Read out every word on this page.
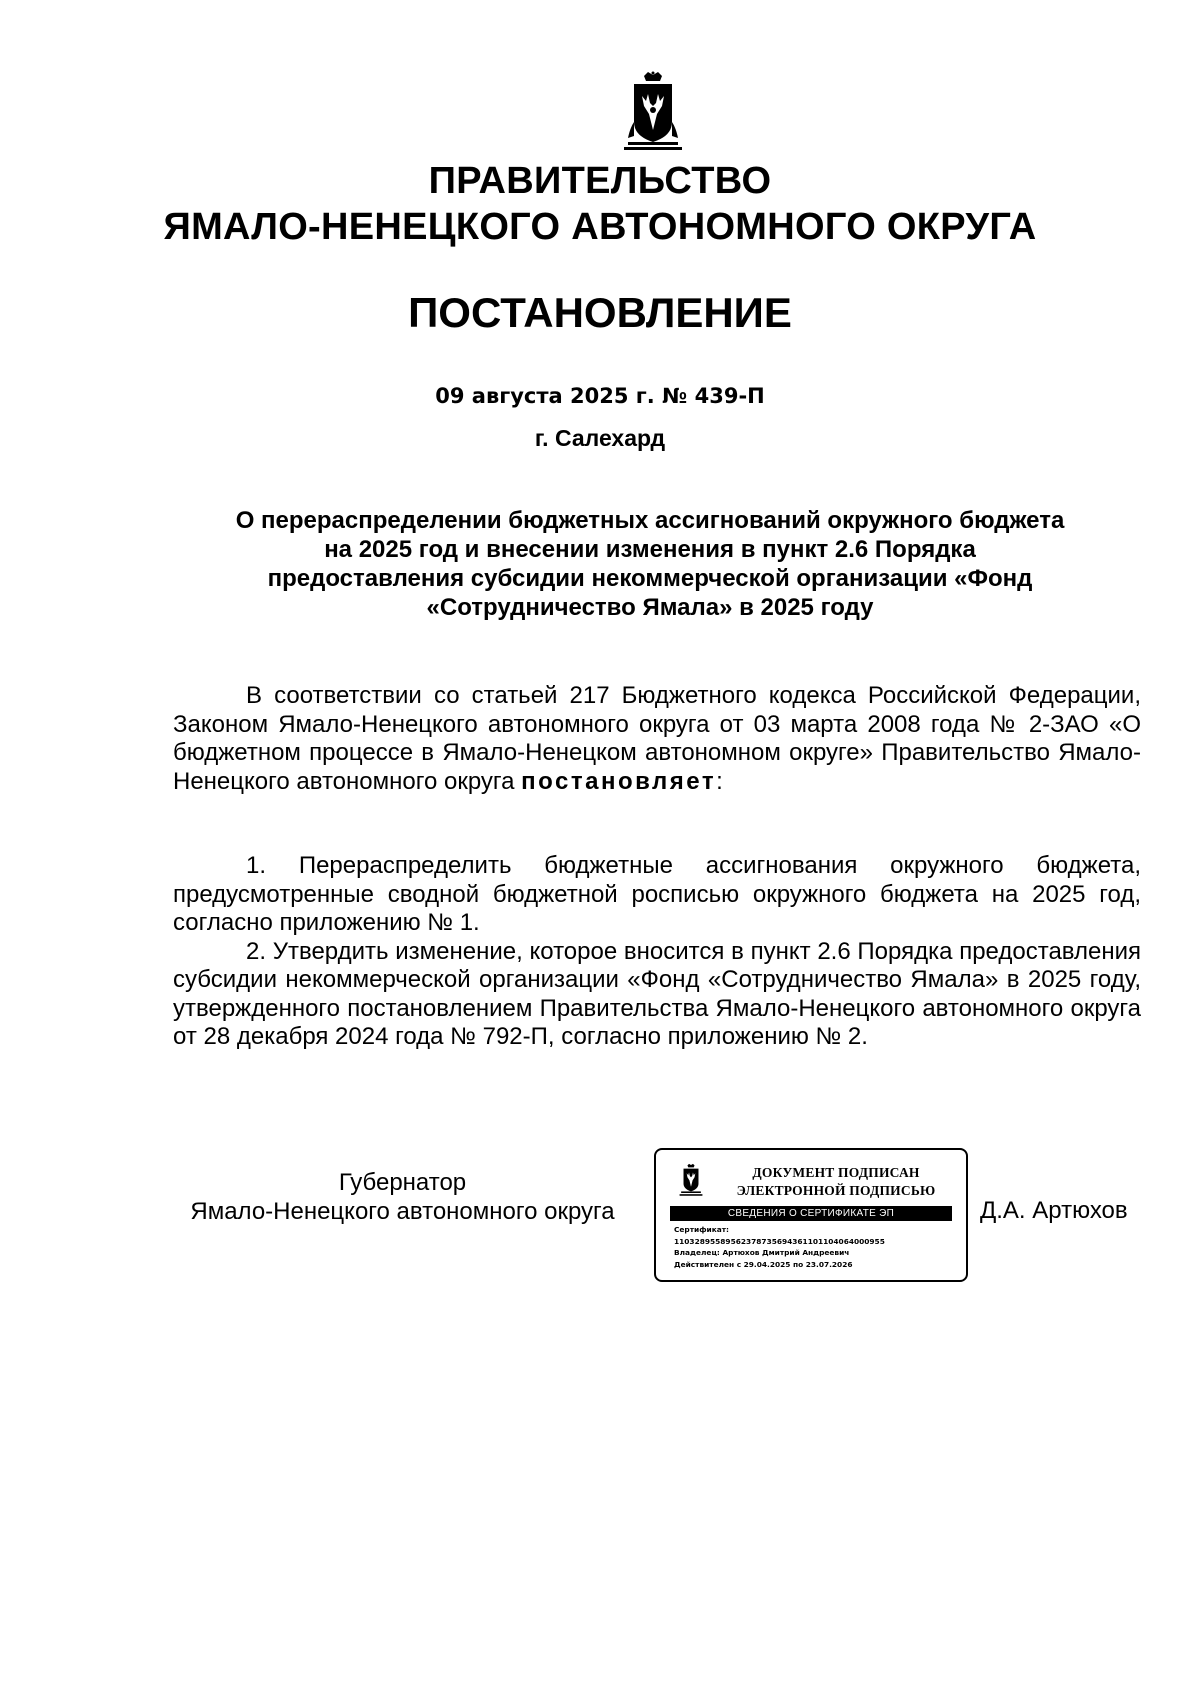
ПРАВИТЕЛЬСТВО
ЯМАЛО-НЕНЕЦКОГО АВТОНОМНОГО ОКРУГА
ПОСТАНОВЛЕНИЕ
09 августа 2025 г. № 439-П
г. Салехард
О перераспределении бюджетных ассигнований окружного бюджета
на 2025 год и внесении изменения в пункт 2.6 Порядка
предоставления субсидии некоммерческой организации «Фонд
«Сотрудничество Ямала» в 2025 году

В соответствии со статьей 217 Бюджетного кодекса Российской Федерации, Законом Ямало-Ненецкого автономного округа от 03 марта 2008 года № 2-ЗАО «О бюджетном процессе в Ямало-Ненецком автономном округе» Правительство Ямало-Ненецкого автономного округа постановляет:

1. Перераспределить бюджетные ассигнования окружного бюджета, предусмотренные сводной бюджетной росписью окружного бюджета на 2025 год, согласно приложению № 1.

2. Утвердить изменение, которое вносится в пункт 2.6 Порядка предоставления субсидии некоммерческой организации «Фонд «Сотрудничество Ямала» в 2025 году, утвержденного постановлением Правительства Ямало-Ненецкого автономного округа от 28 декабря 2024 года № 792-П, согласно приложению № 2.

Губернатор
Ямало-Ненецкого автономного округа
ДОКУМЕНТ ПОДПИСАН
ЭЛЕКТРОННОЙ ПОДПИСЬЮ
СВЕДЕНИЯ О СЕРТИФИКАТЕ ЭП
Сертификат:
11032895589562378735694361101104064000955
Владелец: Артюхов Дмитрий Андреевич
Действителен с 29.04.2025 по 23.07.2026
Д.А. Артюхов
